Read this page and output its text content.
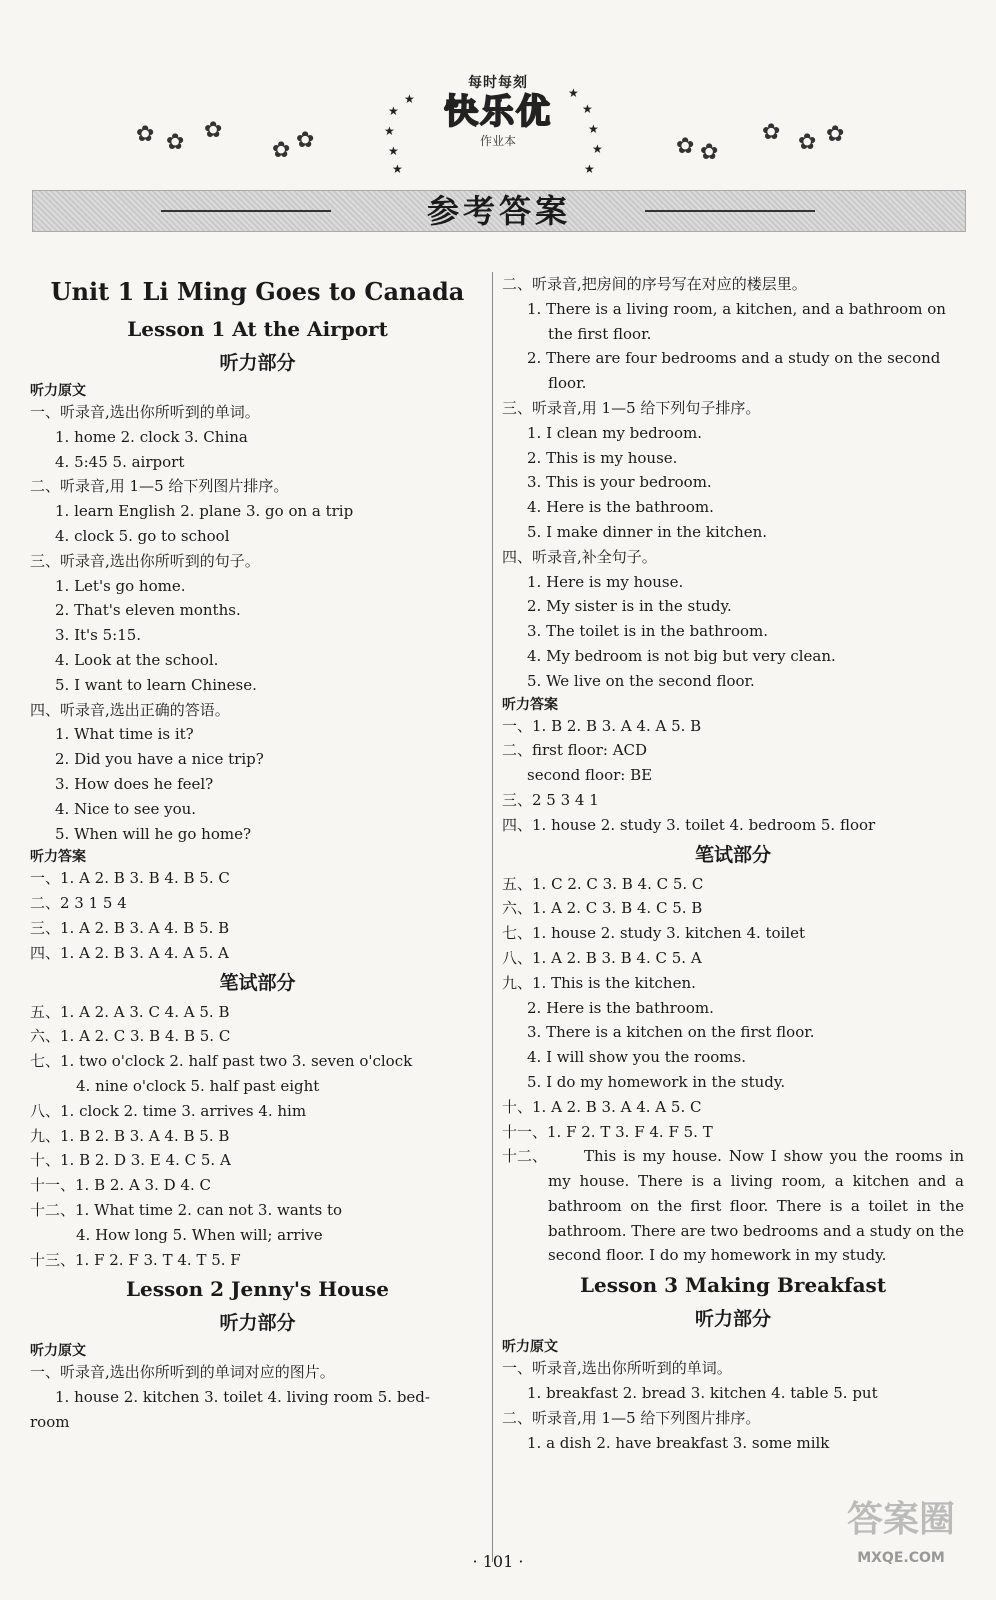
✿ ✿ ✿
✿ ✿	✿ ✿
✿ ✿ ✿
★
★
★
★
★
★
★
★
★
★
每时每刻
快乐优
作业本
参考答案

Unit 1 Li Ming Goes to Canada

Lesson 1 At the Airport

听力部分

听力原文

一、听录音,选出你所听到的单词。

1. home 2. clock 3. China

4. 5:45 5. airport

二、听录音,用 1—5 给下列图片排序。

1. learn English 2. plane 3. go on a trip

4. clock 5. go to school

三、听录音,选出你所听到的句子。

1. Let's go home.

2. That's eleven months.

3. It's 5:15.

4. Look at the school.

5. I want to learn Chinese.

四、听录音,选出正确的答语。

1. What time is it?

2. Did you have a nice trip?

3. How does he feel?

4. Nice to see you.

5. When will he go home?

听力答案

一、1. A 2. B 3. B 4. B 5. C

二、2 3 1 5 4

三、1. A 2. B 3. A 4. B 5. B

四、1. A 2. B 3. A 4. A 5. A

笔试部分

五、1. A 2. A 3. C 4. A 5. B

六、1. A 2. C 3. B 4. B 5. C

七、1. two o'clock 2. half past two 3. seven o'clock

4. nine o'clock 5. half past eight

八、1. clock 2. time 3. arrives 4. him

九、1. B 2. B 3. A 4. B 5. B

十、1. B 2. D 3. E 4. C 5. A

十一、1. B 2. A 3. D 4. C

十二、1. What time 2. can not 3. wants to

4. How long 5. When will; arrive

十三、1. F 2. F 3. T 4. T 5. F

Lesson 2 Jenny's House

听力部分

听力原文

一、听录音,选出你所听到的单词对应的图片。

1. house 2. kitchen 3. toilet 4. living room 5. bed-

room

二、听录音,把房间的序号写在对应的楼层里。

1. There is a living room, a kitchen, and a bathroom on

the first floor.

2. There are four bedrooms and a study on the second

floor.

三、听录音,用 1—5 给下列句子排序。

1. I clean my bedroom.

2. This is my house.

3. This is your bedroom.

4. Here is the bathroom.

5. I make dinner in the kitchen.

四、听录音,补全句子。

1. Here is my house.

2. My sister is in the study.

3. The toilet is in the bathroom.

4. My bedroom is not big but very clean.

5. We live on the second floor.

听力答案

一、1. B 2. B 3. A 4. A 5. B

二、first floor: ACD

second floor: BE

三、2 5 3 4 1

四、1. house 2. study 3. toilet 4. bedroom 5. floor

笔试部分

五、1. C 2. C 3. B 4. C 5. C

六、1. A 2. C 3. B 4. C 5. B

七、1. house 2. study 3. kitchen 4. toilet

八、1. A 2. B 3. B 4. C 5. A

九、1. This is the kitchen.

2. Here is the bathroom.

3. There is a kitchen on the first floor.

4. I will show you the rooms.

5. I do my homework in the study.

十、1. A 2. B 3. A 4. A 5. C

十一、1. F 2. T 3. F 4. F 5. T

十二、	This is my house. Now I show you the rooms in my house. There is a living room, a kitchen and a bathroom on the first floor. There is a toilet in the bathroom. There are two bedrooms and a study on the second floor. I do my homework in my study.

Lesson 3 Making Breakfast

听力部分

听力原文

一、听录音,选出你所听到的单词。

1. breakfast 2. bread 3. kitchen 4. table 5. put

二、听录音,用 1—5 给下列图片排序。

1. a dish 2. have breakfast 3. some milk

· 101 ·
答案圈
MXQE.COM
